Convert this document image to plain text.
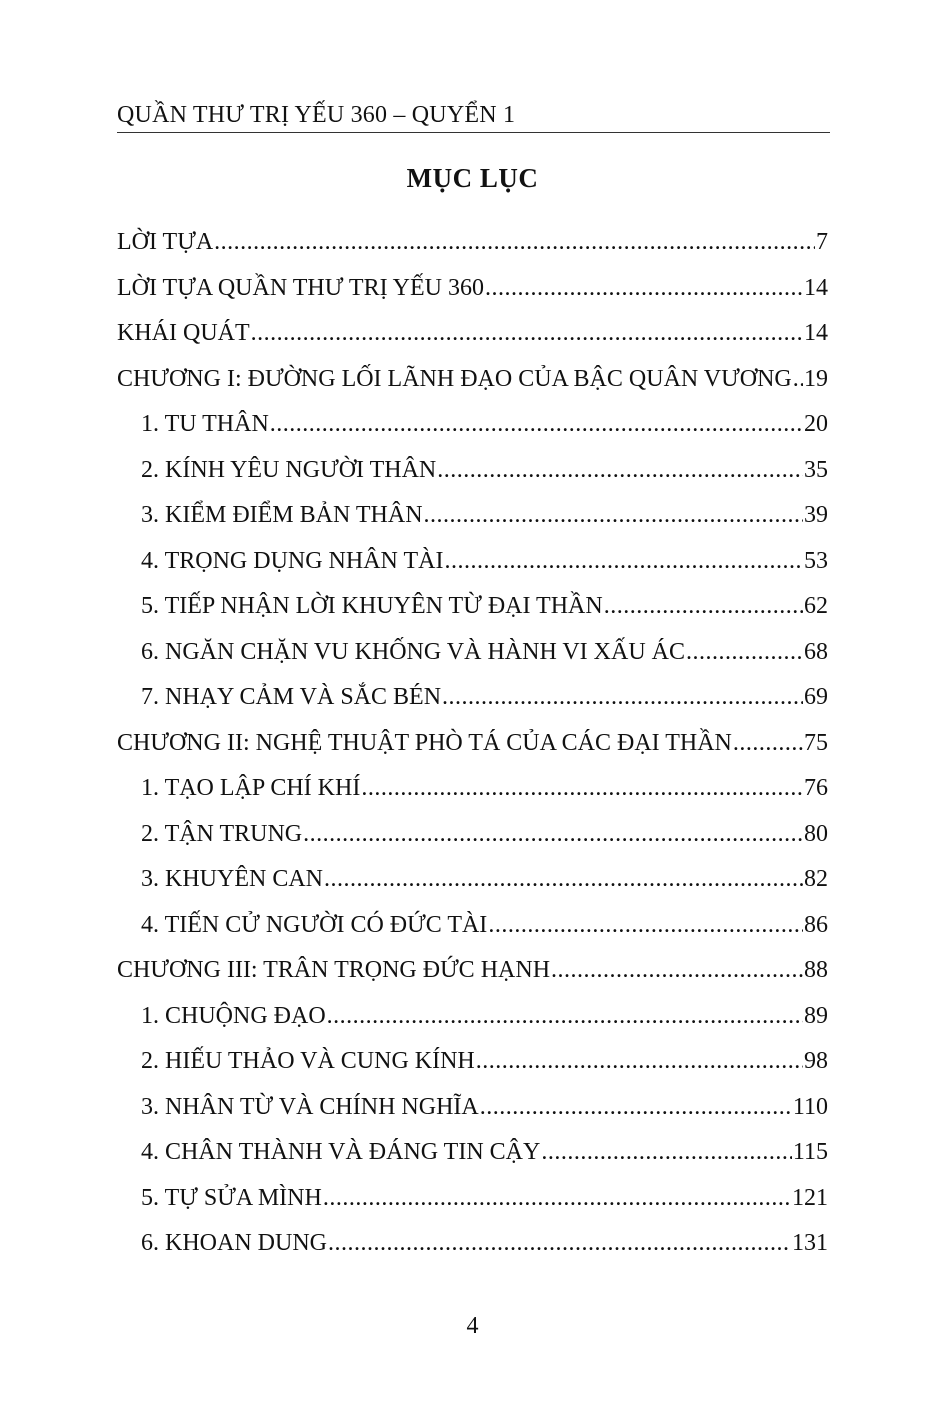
QUẦN THƯ TRỊ YẾU 360 – QUYỂN 1
MỤC LỤC
LỜI TỰA .....	7
LỜI TỰA QUẦN THƯ TRỊ YẾU 360 .....	14
KHÁI QUÁT .....	14
CHƯƠNG I: ĐƯỜNG LỐI LÃNH ĐẠO CỦA BẬC QUÂN VƯƠNG ..... 19
1. TU THÂN .....	20
2. KÍNH YÊU NGƯỜI THÂN .....	35
3. KIỂM ĐIỂM BẢN THÂN .....	39
4. TRỌNG DỤNG NHÂN TÀI .....	53
5. TIẾP NHẬN LỜI KHUYÊN TỪ ĐẠI THẦN .....	62
6. NGĂN CHẶN VU KHỐNG VÀ HÀNH VI XẤU ÁC .....	68
7. NHẠY CẢM VÀ SẮC BÉN .....	69
CHƯƠNG II: NGHỆ THUẬT PHÒ TÁ CỦA CÁC ĐẠI THẦN .....	75
1. TẠO LẬP CHÍ KHÍ .....	76
2. TẬN TRUNG .....	80
3. KHUYÊN CAN .....	82
4. TIẾN CỬ NGƯỜI CÓ ĐỨC TÀI .....	86
CHƯƠNG III: TRÂN TRỌNG ĐỨC HẠNH .....	88
1. CHUỘNG ĐẠO .....	89
2. HIẾU THẢO VÀ CUNG KÍNH .....	98
3. NHÂN TỪ VÀ CHÍNH NGHĨA .....	110
4. CHÂN THÀNH VÀ ĐÁNG TIN CẬY .....	115
5. TỰ SỬA MÌNH .....	121
6. KHOAN DUNG .....	131
4
